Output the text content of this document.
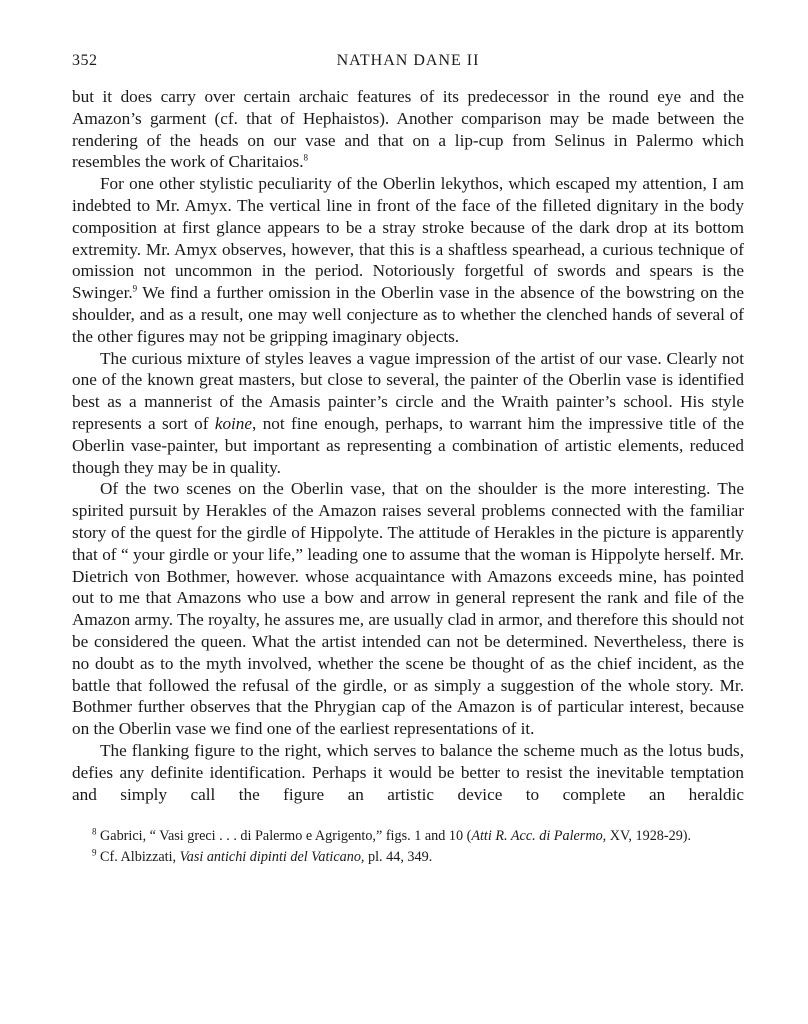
352	NATHAN DANE II

but it does carry over certain archaic features of its predecessor in the round eye and the Amazon’s garment (cf. that of Hephaistos). Another comparison may be made between the rendering of the heads on our vase and that on a lip-cup from Selinus in Palermo which resembles the work of Charitaios.$^8$

For one other stylistic peculiarity of the Oberlin lekythos, which escaped my attention, I am indebted to Mr. Amyx. The vertical line in front of the face of the filleted dignitary in the body composition at first glance appears to be a stray stroke because of the dark drop at its bottom extremity. Mr. Amyx observes, however, that this is a shaftless spearhead, a curious technique of omission not uncommon in the period. Notoriously forgetful of swords and spears is the Swinger.$^9$ We find a further omission in the Oberlin vase in the absence of the bowstring on the shoulder, and as a result, one may well conjecture as to whether the clenched hands of several of the other figures may not be gripping imaginary objects.

The curious mixture of styles leaves a vague impression of the artist of our vase. Clearly not one of the known great masters, but close to several, the painter of the Oberlin vase is identified best as a mannerist of the Amasis painter’s circle and the Wraith painter’s school. His style represents a sort of koine, not fine enough, perhaps, to warrant him the impressive title of the Oberlin vase-painter, but important as representing a combination of artistic elements, reduced though they may be in quality.

Of the two scenes on the Oberlin vase, that on the shoulder is the more interesting. The spirited pursuit by Herakles of the Amazon raises several problems connected with the familiar story of the quest for the girdle of Hippolyte. The attitude of Herakles in the picture is apparently that of “ your girdle or your life,” leading one to assume that the woman is Hippolyte herself. Mr. Dietrich von Bothmer, however. whose acquaintance with Amazons exceeds mine, has pointed out to me that Amazons who use a bow and arrow in general represent the rank and file of the Amazon army. The royalty, he assures me, are usually clad in armor, and therefore this should not be considered the queen. What the artist intended can not be determined. Nevertheless, there is no doubt as to the myth involved, whether the scene be thought of as the chief incident, as the battle that followed the refusal of the girdle, or as simply a suggestion of the whole story. Mr. Bothmer further observes that the Phrygian cap of the Amazon is of particular interest, because on the Oberlin vase we find one of the earliest representations of it.

The flanking figure to the right, which serves to balance the scheme much as the lotus buds, defies any definite identification. Perhaps it would be better to resist the inevitable temptation and simply call the figure an artistic device to complete an heraldic

$^8$ Gabrici, “ Vasi greci . . . di Palermo e Agrigento,” figs. 1 and 10 (Atti R. Acc. di Palermo, XV, 1928-29).

$^9$ Cf. Albizzati, Vasi antichi dipinti del Vaticano, pl. 44, 349.
